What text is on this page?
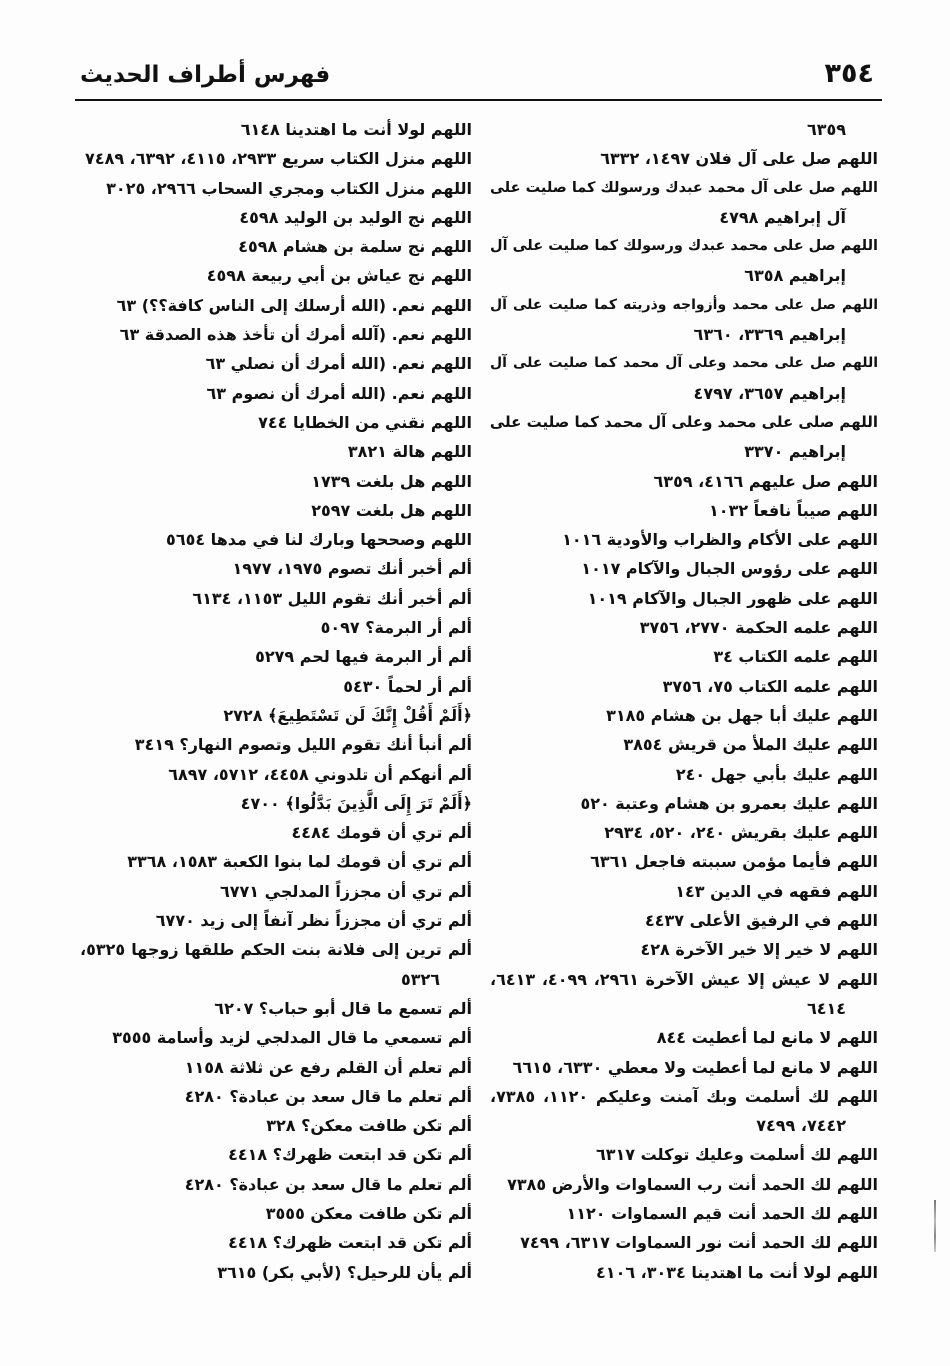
فهرس أطراف الحديث	٣٥٤
٦٣٥٩
اللهم صل على آل فلان ١٤٩٧، ٦٣٣٢
اللهم صل على آل محمد عبدك ورسولك كما صليت على
آل إبراهيم ٤٧٩٨
اللهم صل على محمد عبدك ورسولك كما صليت على آل
إبراهيم ٦٣٥٨
اللهم صل على محمد وأزواجه وذريته كما صليت على آل
إبراهيم ٣٣٦٩، ٦٣٦٠
اللهم صل على محمد وعلى آل محمد كما صليت على آل
إبراهيم ٣٦٥٧، ٤٧٩٧
اللهم صلى على محمد وعلى آل محمد كما صليت على
إبراهيم ٣٣٧٠
اللهم صل عليهم ٤١٦٦، ٦٣٥٩
اللهم صيباً نافعاً ١٠٣٢
اللهم على الأكام والظراب والأودية ١٠١٦
اللهم على رؤوس الجبال والآكام ١٠١٧
اللهم على ظهور الجبال والآكام ١٠١٩
اللهم علمه الحكمة ٢٧٧٠، ٣٧٥٦
اللهم علمه الكتاب ٣٤
اللهم علمه الكتاب ٧٥، ٣٧٥٦
اللهم عليك أبا جهل بن هشام ٣١٨٥
اللهم عليك الملأ من قريش ٣٨٥٤
اللهم عليك بأبي جهل ٢٤٠
اللهم عليك بعمرو بن هشام وعتبة ٥٢٠
اللهم عليك بقريش ٢٤٠، ٥٢٠، ٢٩٣٤
اللهم فأيما مؤمن سببته فاجعل ٦٣٦١
اللهم فقهه في الدين ١٤٣
اللهم في الرفيق الأعلى ٤٤٣٧
اللهم لا خير إلا خير الآخرة ٤٢٨
اللهم لا عيش إلا عيش الآخرة ٢٩٦١، ٤٠٩٩، ٦٤١٣،
٦٤١٤
اللهم لا مانع لما أعطيت ٨٤٤
اللهم لا مانع لما أعطيت ولا معطي ٦٣٣٠، ٦٦١٥
اللهم لك أسلمت وبك آمنت وعليكم ١١٢٠، ٧٣٨٥،
٧٤٤٢، ٧٤٩٩
اللهم لك أسلمت وعليك توكلت ٦٣١٧
اللهم لك الحمد أنت رب السماوات والأرض ٧٣٨٥
اللهم لك الحمد أنت قيم السماوات ١١٢٠
اللهم لك الحمد أنت نور السماوات ٦٣١٧، ٧٤٩٩
اللهم لولا أنت ما اهتدينا ٣٠٣٤، ٤١٠٦
اللهم لولا أنت ما اهتدينا ٦١٤٨
اللهم منزل الكتاب سريع ٢٩٣٣، ٤١١٥، ٦٣٩٢، ٧٤٨٩
اللهم منزل الكتاب ومجري السحاب ٢٩٦٦، ٣٠٢٥
اللهم نج الوليد بن الوليد ٤٥٩٨
اللهم نج سلمة بن هشام ٤٥٩٨
اللهم نج عياش بن أبي ربيعة ٤٥٩٨
اللهم نعم. (الله أرسلك إلى الناس كافة؟؟) ٦٣
اللهم نعم. (آلله أمرك أن تأخذ هذه الصدقة ٦٣
اللهم نعم. (الله أمرك أن نصلي ٦٣
اللهم نعم. (الله أمرك أن نصوم ٦٣
اللهم نقني من الخطايا ٧٤٤
اللهم هالة ٣٨٢١
اللهم هل بلغت ١٧٣٩
اللهم هل بلغت ٢٥٩٧
اللهم وصححها وبارك لنا في مدها ٥٦٥٤
ألم أخبر أنك تصوم ١٩٧٥، ١٩٧٧
ألم أخبر أنك تقوم الليل ١١٥٣، ٦١٣٤
ألم أر البرمة؟ ٥٠٩٧
ألم أر البرمة فيها لحم ٥٢٧٩
ألم أر لحماً ٥٤٣٠
﴿أَلَمْ أَقُلْ إِنَّكَ لَن تَسْتَطِيعَ﴾ ٢٧٢٨
ألم أنبأ أنك تقوم الليل وتصوم النهار؟ ٣٤١٩
ألم أنهكم أن تلدوني ٤٤٥٨، ٥٧١٢، ٦٨٩٧
﴿أَلَمْ تَرَ إِلَى الَّذِينَ بَدَّلُوا﴾ ٤٧٠٠
ألم تري أن قومك ٤٤٨٤
ألم تري أن قومك لما بنوا الكعبة ١٥٨٣، ٣٣٦٨
ألم تري أن مجززاً المدلجي ٦٧٧١
ألم تري أن مجززاً نظر آنفاً إلى زيد ٦٧٧٠
ألم ترين إلى فلانة بنت الحكم طلقها زوجها ٥٣٢٥،
٥٣٢٦
ألم تسمع ما قال أبو حباب؟ ٦٢٠٧
ألم تسمعي ما قال المدلجي لزيد وأسامة ٣٥٥٥
ألم تعلم أن القلم رفع عن ثلاثة ١١٥٨
ألم تعلم ما قال سعد بن عبادة؟ ٤٢٨٠
ألم تكن طافت معكن؟ ٣٢٨
ألم تكن قد ابتعت ظهرك؟ ٤٤١٨
ألم تعلم ما قال سعد بن عبادة؟ ٤٢٨٠
ألم تكن طافت معكن ٣٥٥٥
ألم تكن قد ابتعت ظهرك؟ ٤٤١٨
ألم يأن للرحيل؟ (لأبي بكر) ٣٦١٥
